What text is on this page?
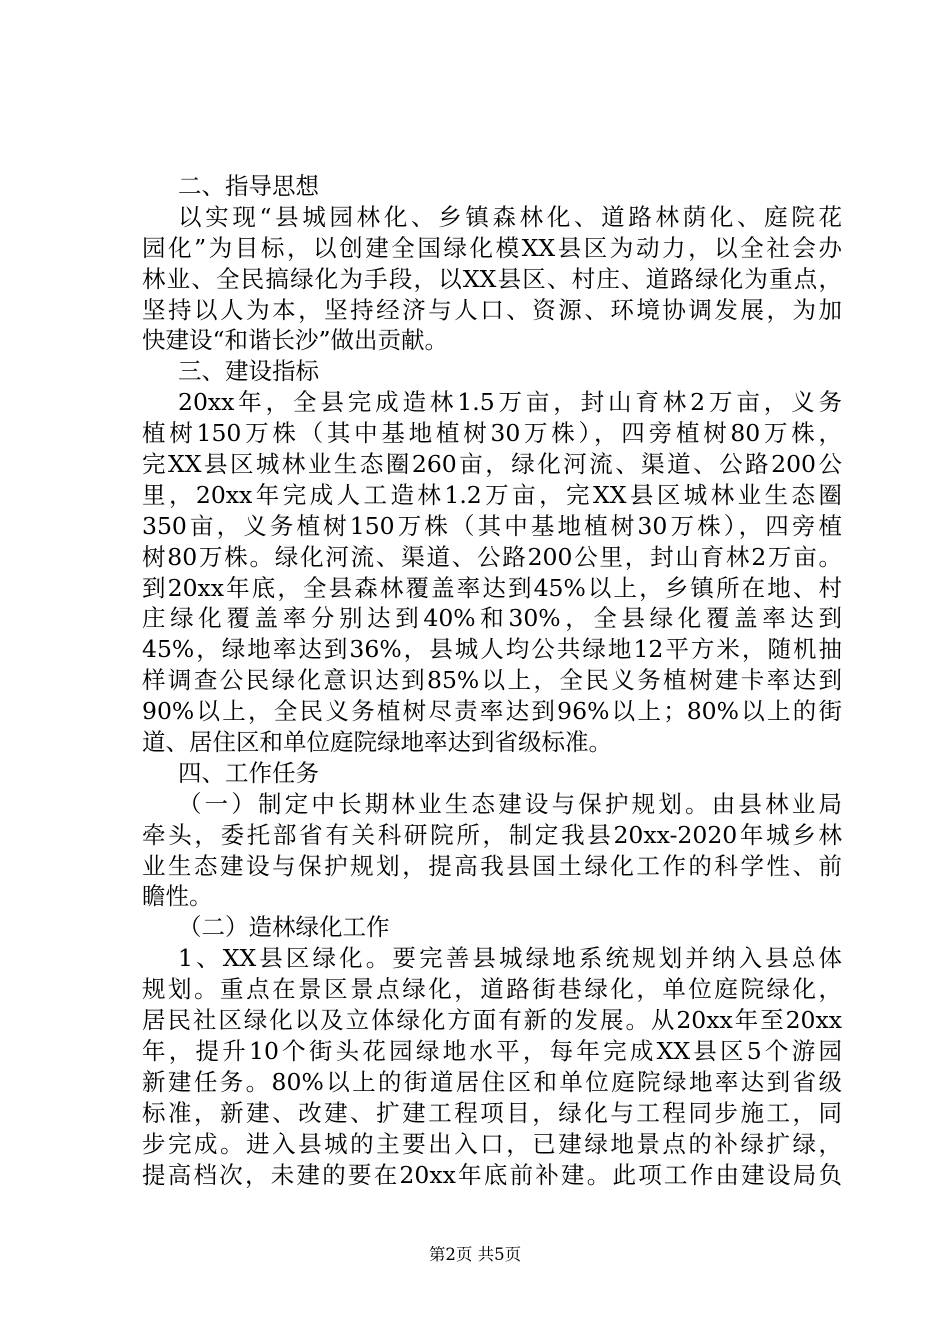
二、指导思想
以实现“县城园林化、乡镇森林化、道路林荫化、庭院花
园化”为目标，以创建全国绿化模XX县区为动力，以全社会办
林业、全民搞绿化为手段，以XX县区、村庄、道路绿化为重点，
坚持以人为本，坚持经济与人口、资源、环境协调发展，为加
快建设“和谐长沙”做出贡献。
三、建设指标
20xx年，全县完成造林1.5万亩，封山育林2万亩，义务
植树150万株（其中基地植树30万株），四旁植树80万株，
完XX县区城林业生态圈260亩，绿化河流、渠道、公路200公
里，20xx年完成人工造林1.2万亩，完XX县区城林业生态圈
350亩，义务植树150万株（其中基地植树30万株），四旁植
树80万株。绿化河流、渠道、公路200公里，封山育林2万亩。
到20xx年底，全县森林覆盖率达到45%以上，乡镇所在地、村
庄绿化覆盖率分别达到40%和30%，全县绿化覆盖率达到
45%，绿地率达到36%，县城人均公共绿地12平方米，随机抽
样调查公民绿化意识达到85%以上，全民义务植树建卡率达到
90%以上，全民义务植树尽责率达到96%以上；80%以上的街
道、居住区和单位庭院绿地率达到省级标准。
四、工作任务
（一）制定中长期林业生态建设与保护规划。由县林业局
牵头，委托部省有关科研院所，制定我县20xx-2020年城乡林
业生态建设与保护规划，提高我县国土绿化工作的科学性、前
瞻性。
（二）造林绿化工作
1、XX县区绿化。要完善县城绿地系统规划并纳入县总体
规划。重点在景区景点绿化，道路街巷绿化，单位庭院绿化，
居民社区绿化以及立体绿化方面有新的发展。从20xx年至20xx
年，提升10个街头花园绿地水平，每年完成XX县区5个游园
新建任务。80%以上的街道居住区和单位庭院绿地率达到省级
标准，新建、改建、扩建工程项目，绿化与工程同步施工，同
步完成。进入县城的主要出入口，已建绿地景点的补绿扩绿，
提高档次，未建的要在20xx年底前补建。此项工作由建设局负
第2页 共5页
